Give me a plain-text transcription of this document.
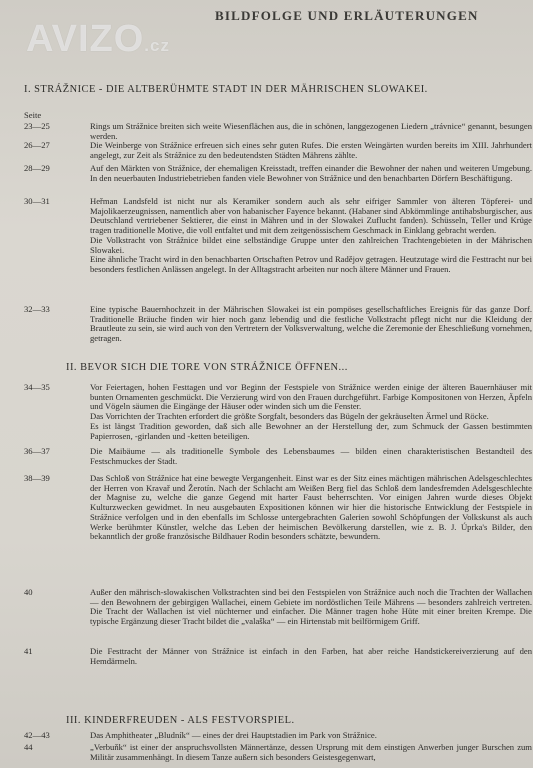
AVIZO.cz
BILDFOLGE UND ERLÄUTERUNGEN
I. STRÁŽNICE - DIE ALTBERÜHMTE STADT IN DER MÄHRISCHEN SLOWAKEI.
Seite
23—25	Rings um Strážnice breiten sich weite Wiesenflächen aus, die in schönen, langgezogenen Liedern „trávnice“ genannt, besungen werden.

26—27	Die Weinberge von Strážnice erfreuen sich eines sehr guten Rufes. Die ersten Weingärten wurden bereits im XIII. Jahrhundert angelegt, zur Zeit als Strážnice zu den bedeutendsten Städten Mährens zählte.

28—29	Auf den Märkten von Strážnice, der ehemaligen Kreisstadt, treffen einander die Bewohner der nahen und weiteren Umgebung. In den neuerbauten Industriebetrieben fanden viele Bewohner von Strážnice und den benachbarten Dörfern Beschäftigung.

30—31	Heřman Landsfeld ist nicht nur als Keramiker sondern auch als sehr eifriger Sammler von älteren Töpferei- und Majolikaerzeugnissen, namentlich aber von habanischer Fayence bekannt. (Habaner sind Abkömmlinge antihabsburgischer, aus Deutschland vertriebener Sektierer, die einst in Mähren und in der Slowakei Zuflucht fanden). Schüsseln, Teller und Krüge tragen traditionelle Motive, die voll entfaltet und mit dem zeitgenössischem Geschmack in Einklang gebracht werden.

Die Volkstracht von Strážnice bildet eine selbständige Gruppe unter den zahlreichen Trachtengebieten in der Mährischen Slowakei.

Eine ähnliche Tracht wird in den benachbarten Ortschaften Petrov und Radějov getragen. Heutzutage wird die Festtracht nur bei besonders festlichen Anlässen angelegt. In der Alltagstracht arbeiten nur noch ältere Männer und Frauen.

32—33	Eine typische Bauernhochzeit in der Mährischen Slowakei ist ein pompöses gesellschaftliches Ereignis für das ganze Dorf. Traditionelle Bräuche finden wir hier noch ganz lebendig und die festliche Volkstracht pflegt nicht nur die Kleidung der Brautleute zu sein, sie wird auch von den Vertretern der Volksverwaltung, welche die Zeremonie der Eheschließung vornehmen, getragen.

II. BEVOR SICH DIE TORE VON STRÁŽNICE ÖFFNEN...
34—35	Vor Feiertagen, hohen Festtagen und vor Beginn der Festspiele von Strážnice werden einige der älteren Bauernhäuser mit bunten Ornamenten geschmückt. Die Verzierung wird von den Frauen durchgeführt. Farbige Kompositonen von Herzen, Äpfeln und Vögeln säumen die Eingänge der Häuser oder winden sich um die Fenster.

Das Vorrichten der Trachten erfordert die größte Sorgfalt, besonders das Bügeln der gekräuselten Ärmel und Röcke.

Es ist längst Tradition geworden, daß sich alle Bewohner an der Herstellung der, zum Schmuck der Gassen bestimmten Papierrosen, -girlanden und -ketten beteiligen.

36—37	Die Maibäume — als traditionelle Symbole des Lebensbaumes — bilden einen charakteristischen Bestandteil des Festschmuckes der Stadt.

38—39	Das Schloß von Strážnice hat eine bewegte Vergangenheit. Einst war es der Sitz eines mächtigen mährischen Adelsgeschlechtes der Herren von Kravař und Žerotín. Nach der Schlacht am Weißen Berg fiel das Schloß dem landesfremden Adelsgeschlechte der Magnise zu, welche die ganze Gegend mit harter Faust beherrschten. Vor einigen Jahren wurde dieses Objekt Kulturzwecken gewidmet. In neu ausgebauten Expositionen können wir hier die historische Entwicklung der Festspiele in Strážnice verfolgen und in den ebenfalls im Schlosse untergebrachten Galerien sowohl Schöpfungen der Volkskunst als auch Werke berühmter Künstler, welche das Leben der heimischen Bevölkerung darstellen, wie z. B. J. Úprka's Bilder, den bekanntlich der große französische Bildhauer Rodin besonders schätzte, bewundern.

40	Außer den mährisch-slowakischen Volkstrachten sind bei den Festspielen von Strážnice auch noch die Trachten der Wallachen — den Bewohnern der gebirgigen Wallachei, einem Gebiete im nordöstlichen Teile Mährens — besonders zahlreich vertreten. Die Tracht der Wallachen ist viel nüchterner und einfacher. Die Männer tragen hohe Hüte mit einer breiten Krempe. Die typische Ergänzung dieser Tracht bildet die „valaška“ — ein Hirtenstab mit beilförmigem Griff.

41	Die Festtracht der Männer von Strážnice ist einfach in den Farben, hat aber reiche Handstickereiverzierung auf den Hemdärmeln.

III. KINDERFREUDEN - ALS FESTVORSPIEL.
42—43	Das Amphitheater „Bludník“ — eines der drei Hauptstadien im Park von Strážnice.

44	„Verbuňk“ ist einer der anspruchsvollsten Männertänze, dessen Ursprung mit dem einstigen Anwerben junger Burschen zum Militär zusammenhängt. In diesem Tanze außern sich besonders Geistesgegenwart,
